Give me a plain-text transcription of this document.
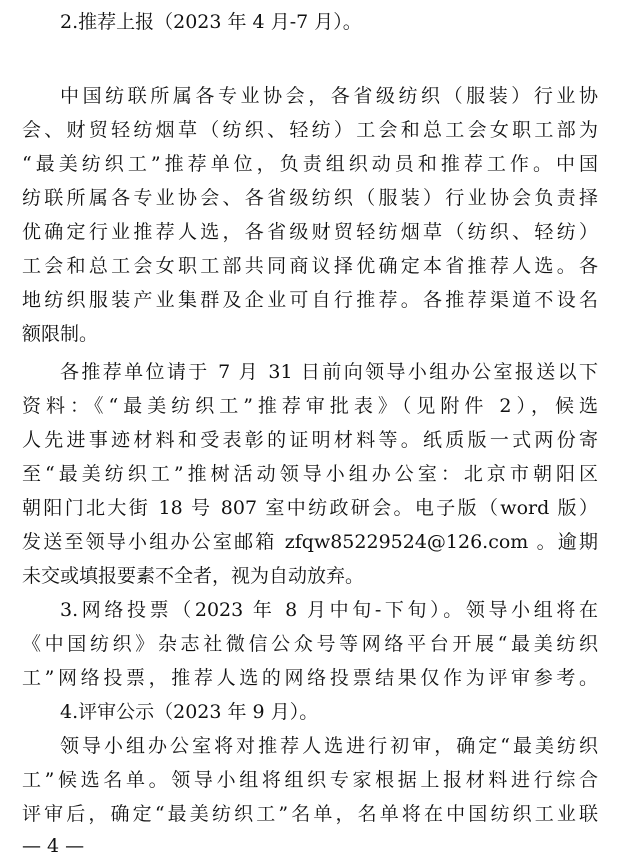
2.推荐上报（2023 年 4 月-7 月）。
中国纺联所属各专业协会，各省级纺织（服装）行业协
会、财贸轻纺烟草（纺织、轻纺）工会和总工会女职工部为
“最美纺织工”推荐单位，负责组织动员和推荐工作。中国
纺联所属各专业协会、各省级纺织（服装）行业协会负责择
优确定行业推荐人选，各省级财贸轻纺烟草（纺织、轻纺）
工会和总工会女职工部共同商议择优确定本省推荐人选。各
地纺织服装产业集群及企业可自行推荐。各推荐渠道不设名
额限制。
各推荐单位请于 7 月 31 日前向领导小组办公室报送以下
资料：《“最美纺织工”推荐审批表》（见附件 2），候选
人先进事迹材料和受表彰的证明材料等。纸质版一式两份寄
至“最美纺织工”推树活动领导小组办公室：北京市朝阳区
朝阳门北大街 18 号 807 室中纺政研会。电子版（word 版）
发送至领导小组办公室邮箱 zfqw85229524@126.com 。逾期
未交或填报要素不全者，视为自动放弃。
3.网络投票（2023 年 8 月中旬-下旬）。领导小组将在
《中国纺织》杂志社微信公众号等网络平台开展“最美纺织
工”网络投票，推荐人选的网络投票结果仅作为评审参考。
4.评审公示（2023 年 9 月）。
领导小组办公室将对推荐人选进行初审，确定“最美纺织
工”候选名单。领导小组将组织专家根据上报材料进行综合
评审后，确定“最美纺织工”名单，名单将在中国纺织工业联
— 4 —
